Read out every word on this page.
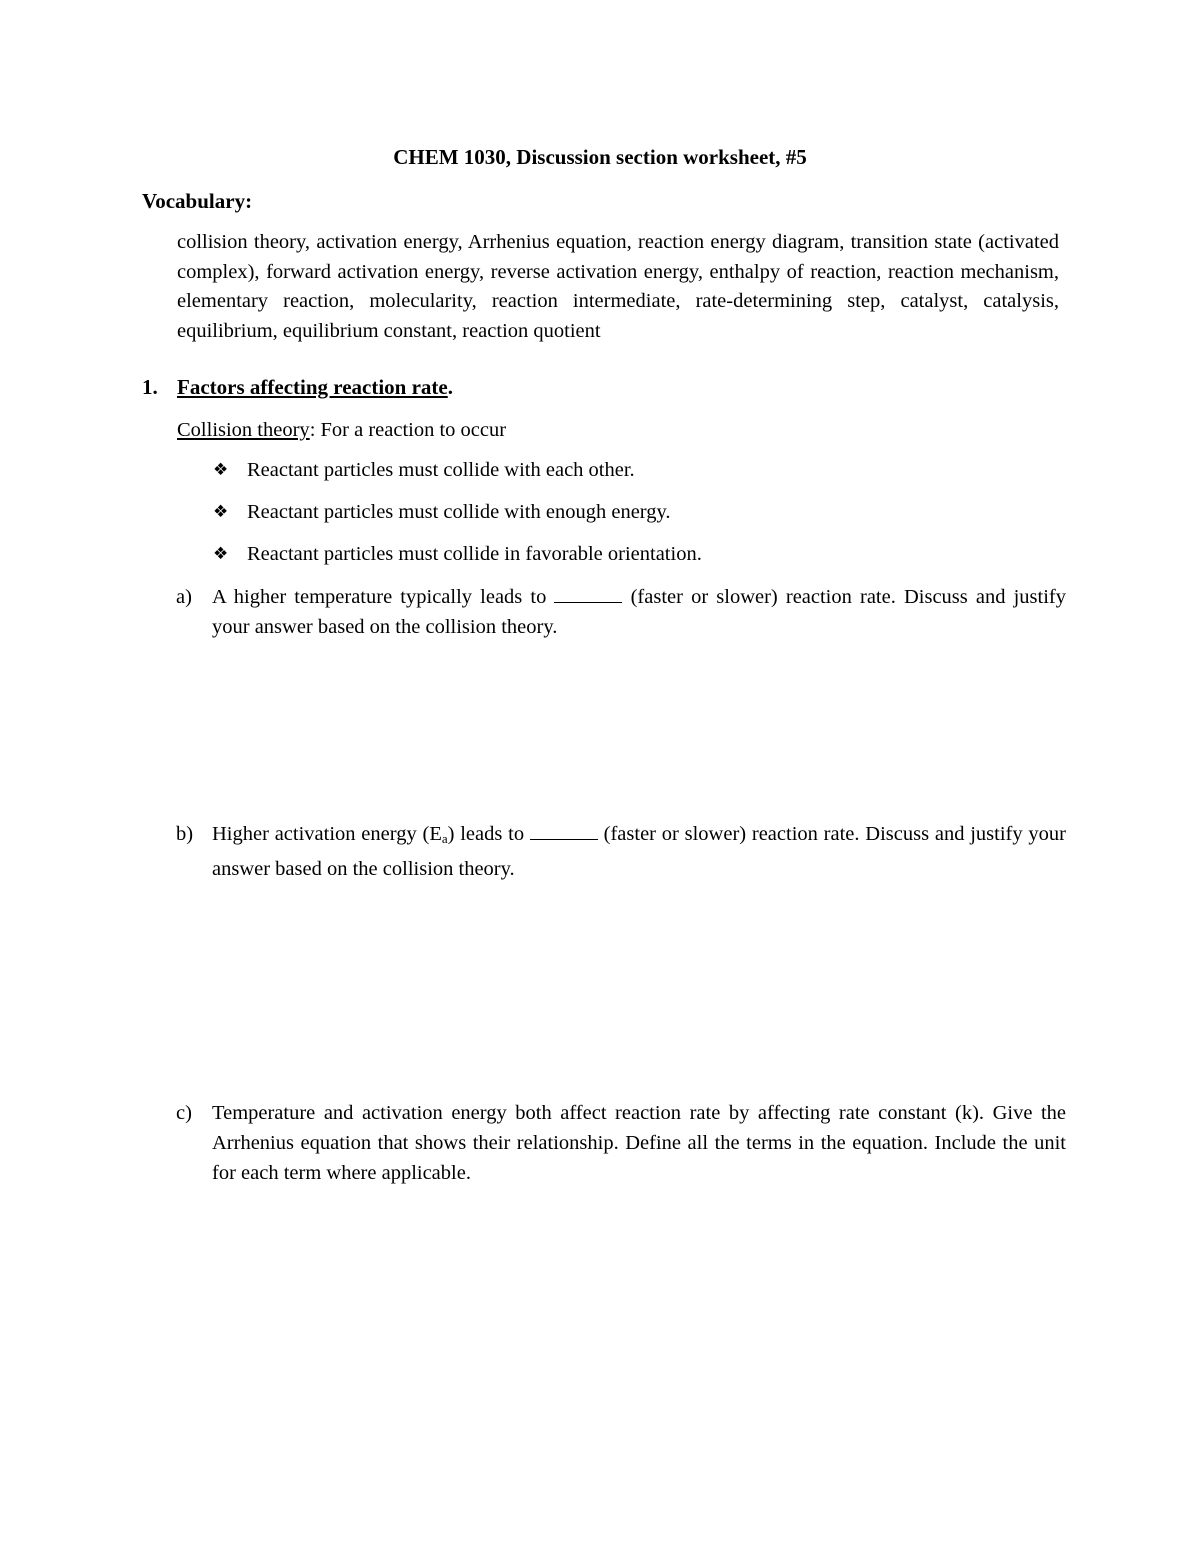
CHEM 1030, Discussion section worksheet, #5
Vocabulary:
collision theory, activation energy, Arrhenius equation, reaction energy diagram, transition state (activated complex), forward activation energy, reverse activation energy, enthalpy of reaction, reaction mechanism, elementary reaction, molecularity, reaction intermediate, rate-determining step, catalyst, catalysis, equilibrium, equilibrium constant, reaction quotient
1. Factors affecting reaction rate.
Collision theory: For a reaction to occur
❖ Reactant particles must collide with each other.
❖ Reactant particles must collide with enough energy.
❖ Reactant particles must collide in favorable orientation.
a) A higher temperature typically leads to	(faster or slower) reaction rate. Discuss and justify your answer based on the collision theory.
b) Higher activation energy $(E_a)$ leads to	(faster or slower) reaction rate. Discuss and justify your answer based on the collision theory.
c) Temperature and activation energy both affect reaction rate by affecting rate constant (k). Give the Arrhenius equation that shows their relationship. Define all the terms in the equation. Include the unit for each term where applicable.
